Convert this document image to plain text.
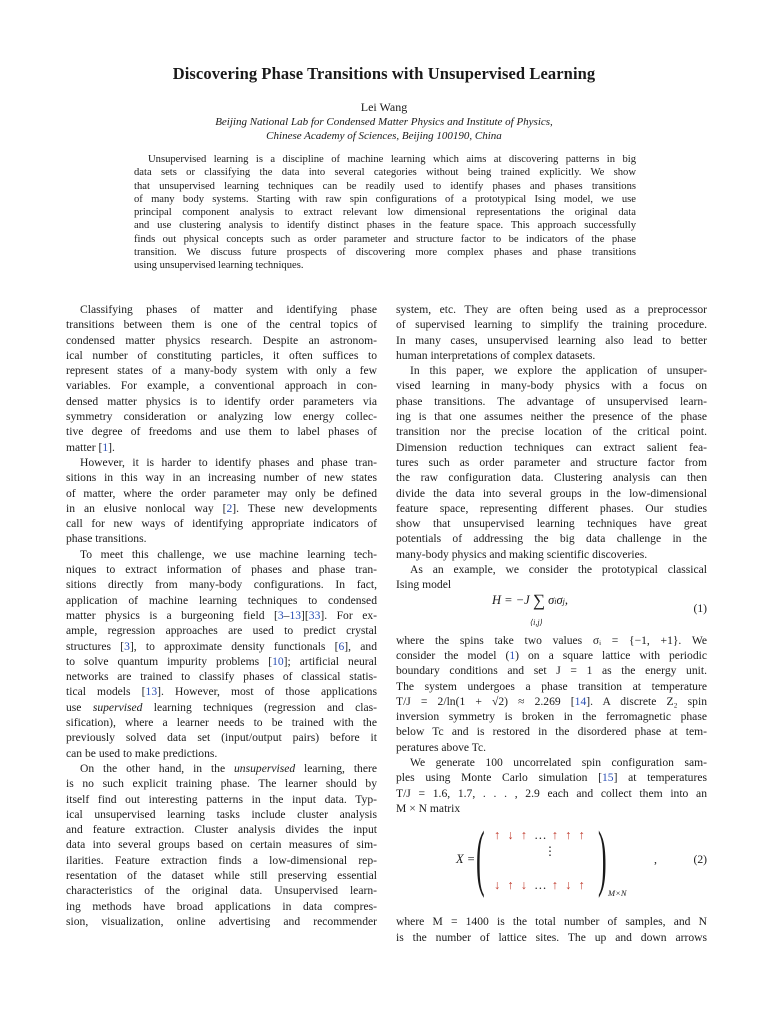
Discovering Phase Transitions with Unsupervised Learning
Lei Wang
Beijing National Lab for Condensed Matter Physics and Institute of Physics,
Chinese Academy of Sciences, Beijing 100190, China
Unsupervised learning is a discipline of machine learning which aims at discovering patterns in big
data sets or classifying the data into several categories without being trained explicitly. We show
that unsupervised learning techniques can be readily used to identify phases and phases transitions
of many body systems. Starting with raw spin configurations of a prototypical Ising model, we use
principal component analysis to extract relevant low dimensional representations the original data
and use clustering analysis to identify distinct phases in the feature space. This approach successfully
finds out physical concepts such as order parameter and structure factor to be indicators of the phase
transition. We discuss future prospects of discovering more complex phases and phase transitions
using unsupervised learning techniques.
Classifying phases of matter and identifying phase
transitions between them is one of the central topics of
condensed matter physics research. Despite an astronom-
ical number of constituting particles, it often suffices to
represent states of a many-body system with only a few
variables. For example, a conventional approach in con-
densed matter physics is to identify order parameters via
symmetry consideration or analyzing low energy collec-
tive degree of freedoms and use them to label phases of
matter [1].
However, it is harder to identify phases and phase tran-
sitions in this way in an increasing number of new states
of matter, where the order parameter may only be defined
in an elusive nonlocal way [2]. These new developments
call for new ways of identifying appropriate indicators of
phase transitions.
To meet this challenge, we use machine learning tech-
niques to extract information of phases and phase tran-
sitions directly from many-body configurations. In fact,
application of machine learning techniques to condensed
matter physics is a burgeoning field [3–13][33]. For ex-
ample, regression approaches are used to predict crystal
structures [3], to approximate density functionals [6], and
to solve quantum impurity problems [10]; artificial neural
networks are trained to classify phases of classical statis-
tical models [13]. However, most of those applications
use supervised learning techniques (regression and clas-
sification), where a learner needs to be trained with the
previously solved data set (input/output pairs) before it
can be used to make predictions.
On the other hand, in the unsupervised learning, there
is no such explicit training phase. The learner should by
itself find out interesting patterns in the input data. Typ-
ical unsupervised learning tasks include cluster analysis
and feature extraction. Cluster analysis divides the input
data into several groups based on certain measures of sim-
ilarities. Feature extraction finds a low-dimensional rep-
resentation of the dataset while still preserving essential
characteristics of the original data. Unsupervised learn-
ing methods have broad applications in data compres-
sion, visualization, online advertising and recommender
system, etc. They are often being used as a preprocessor
of supervised learning to simplify the training procedure.
In many cases, unsupervised learning also lead to better
human interpretations of complex datasets.
In this paper, we explore the application of unsuper-
vised learning in many-body physics with a focus on
phase transitions. The advantage of unsupervised learn-
ing is that one assumes neither the presence of the phase
transition nor the precise location of the critical point.
Dimension reduction techniques can extract salient fea-
tures such as order parameter and structure factor from
the raw configuration data. Clustering analysis can then
divide the data into several groups in the low-dimensional
feature space, representing different phases. Our studies
show that unsupervised learning techniques have great
potentials of addressing the big data challenge in the
many-body physics and making scientific discoveries.
As an example, we consider the prototypical classical
Ising model
H = −J ∑ σiσj,
⟨i,j⟩
(1)
where the spins take two values σᵢ = {−1, +1}. We
consider the model (1) on a square lattice with periodic
boundary conditions and set J = 1 as the energy unit.
The system undergoes a phase transition at temperature
T/J = 2/ln(1 + √2) ≈ 2.269 [14]. A discrete Z₂ spin
inversion symmetry is broken in the ferromagnetic phase
below Tc and is restored in the disordered phase at tem-
peratures above Tc.
We generate 100 uncorrelated spin configuration sam-
ples using Monte Carlo simulation [15] at temperatures
T/J = 1.6, 1.7, . . . , 2.9 each and collect them into an
M × N matrix
X = ( ↑ ↓ ↑ … ↑ ↑ ↑
⋮
↓ ↑ ↓ … ↑ ↓ ↑ ) M×N
,	(2)
where M = 1400 is the total number of samples, and N
is the number of lattice sites. The up and down arrows
